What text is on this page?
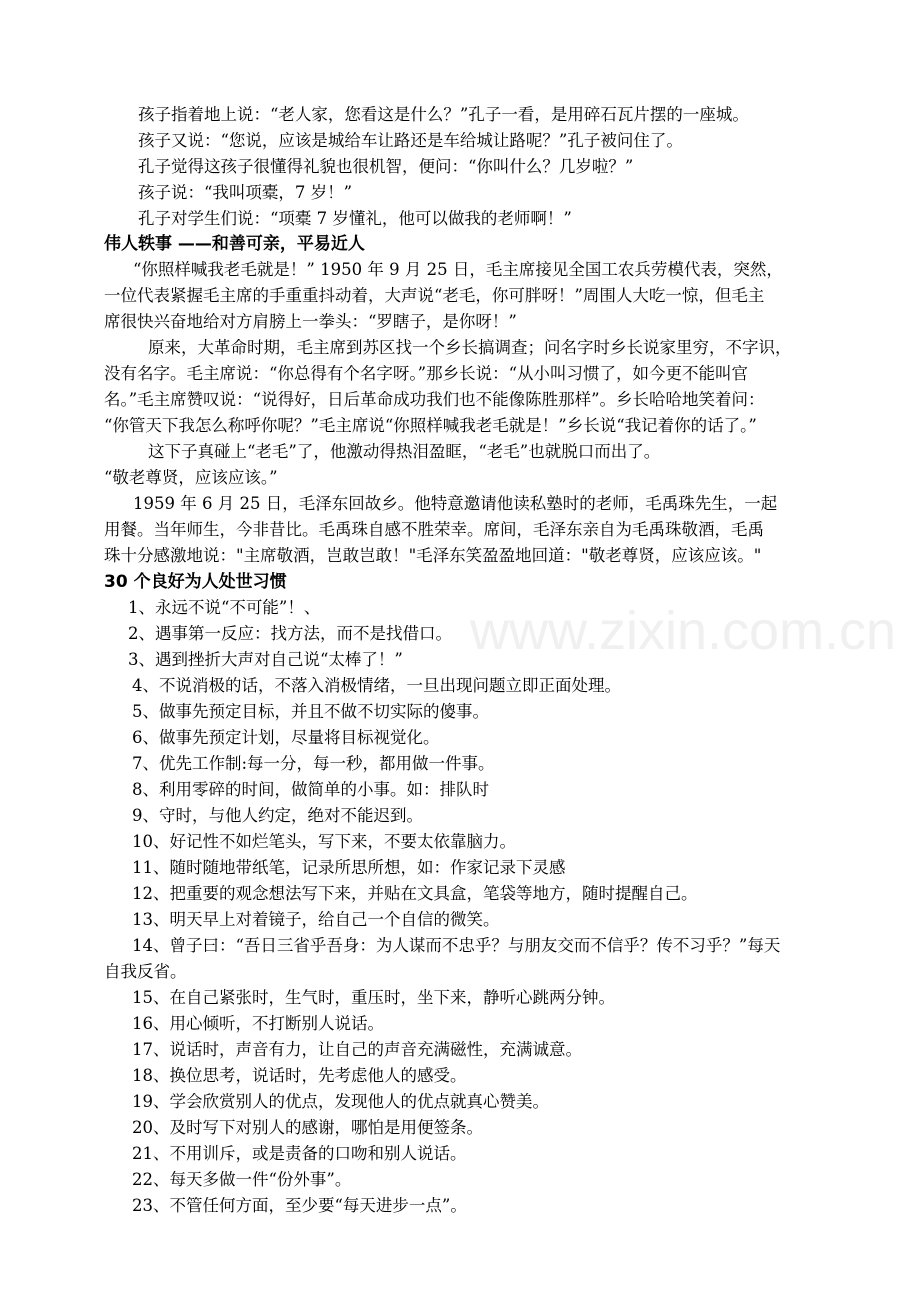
www.zixin.com.cn
孩子指着地上说：“老人家，您看这是什么？”孔子一看，是用碎石瓦片摆的一座城。
孩子又说：“您说，应该是城给车让路还是车给城让路呢？”孔子被问住了。
孔子觉得这孩子很懂得礼貌也很机智，便问：“你叫什么？几岁啦？”
孩子说：“我叫项橐，7 岁！”
孔子对学生们说：“项橐 7 岁懂礼，他可以做我的老师啊！”
伟人轶事 ——和善可亲，平易近人
“你照样喊我老毛就是！” 1950 年 9 月 25 日，毛主席接见全国工农兵劳模代表，突然，
一位代表紧握毛主席的手重重抖动着，大声说“老毛，你可胖呀！”周围人大吃一惊，但毛主
席很快兴奋地给对方肩膀上一拳头：“罗瞎子，是你呀！”
原来，大革命时期，毛主席到苏区找一个乡长搞调查；问名字时乡长说家里穷，不字识，
没有名字。毛主席说：“你总得有个名字呀。”那乡长说：“从小叫习惯了，如今更不能叫官
名。”毛主席赞叹说：“说得好，日后革命成功我们也不能像陈胜那样”。乡长哈哈地笑着问：
“你管天下我怎么称呼你呢？”毛主席说“你照样喊我老毛就是！”乡长说“我记着你的话了。”
这下子真碰上“老毛”了，他激动得热泪盈眶，“老毛”也就脱口而出了。
“敬老尊贤，应该应该。”
1959 年 6 月 25 日，毛泽东回故乡。他特意邀请他读私塾时的老师，毛禹珠先生，一起
用餐。当年师生，今非昔比。毛禹珠自感不胜荣幸。席间，毛泽东亲自为毛禹珠敬酒，毛禹
珠十分感激地说："主席敬酒，岂敢岂敢！"毛泽东笑盈盈地回道："敬老尊贤，应该应该。"
30 个良好为人处世习惯
1、永远不说“不可能”！、
2、遇事第一反应：找方法，而不是找借口。
3、遇到挫折大声对自己说“太棒了！”
4、不说消极的话，不落入消极情绪，一旦出现问题立即正面处理。
5、做事先预定目标，并且不做不切实际的傻事。
6、做事先预定计划，尽量将目标视觉化。
7、优先工作制:每一分，每一秒，都用做一件事。
8、利用零碎的时间，做简单的小事。如：排队时
9、守时，与他人约定，绝对不能迟到。
10、好记性不如烂笔头，写下来，不要太依靠脑力。
11、随时随地带纸笔，记录所思所想，如：作家记录下灵感
12、把重要的观念想法写下来，并贴在文具盒，笔袋等地方，随时提醒自己。
13、明天早上对着镜子，给自己一个自信的微笑。
14、曾子曰：“吾日三省乎吾身：为人谋而不忠乎？与朋友交而不信乎？传不习乎？”每天
自我反省。
15、在自己紧张时，生气时，重压时，坐下来，静听心跳两分钟。
16、用心倾听，不打断别人说话。
17、说话时，声音有力，让自己的声音充满磁性，充满诚意。
18、换位思考，说话时，先考虑他人的感受。
19、学会欣赏别人的优点，发现他人的优点就真心赞美。
20、及时写下对别人的感谢，哪怕是用便签条。
21、不用训斥，或是责备的口吻和别人说话。
22、每天多做一件“份外事”。
23、不管任何方面，至少要“每天进步一点”。
